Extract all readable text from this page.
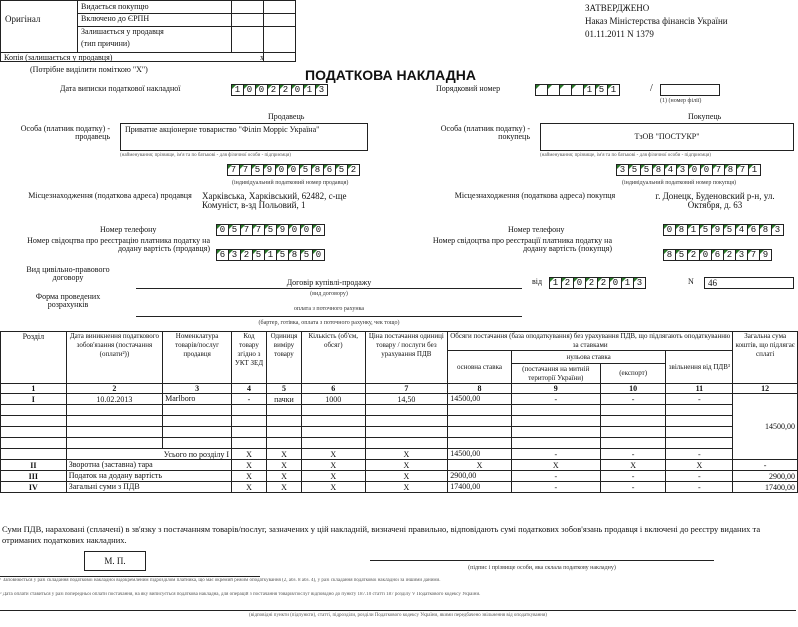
Оригінал
Видається покупцю
Включено до ЄРПН
Залишається у продавця
(тип причини)
Копія (залишається у продавця)	x
(Потрібне виділити поміткою "Х")
ЗАТВЕРДЖЕНО
Наказ Міністерства фінансів України
01.11.2011 N 1379
ПОДАТКОВА НАКЛАДНА
Дата виписки податкової накладної	1 0 0 2 2 0 1 3	Порядковий номер	1 5 1	/
(1) (номер філії)
Продавець
Особа (платник податку) - продавець
Приватне акціонерне товариство "Філіп Морріс Україна"
(найменування; прізвище, ім'я та по батькові - для фізичної особи - підприємця)
7 7 5 9 0 0 5 8 6 5 2
(індивідуальний податковий номер продавця)
Місцезнаходження (податкова адреса) продавця	Харківська, Харківський, 62482, с-ще Комуніст, в-зд Польовий, 1
Номер телефону	0 5 7 7 5 9 0 0 0
Номер свідоцтва про реєстрацію платника податку на додану вартість (продавця)
6 3 2 5 1 5 8 5 0
Покупець
Особа (платник податку) - покупець	ТзОВ "ПОСТУКР"
(найменування; прізвище, ім'я та по батькові - для фізичної особи - підприємця)
3 5 5 8 4 3 0 0 7 8 7 1
(індивідуальний податковий номер покупця)
Місцезнаходження (податкова адреса) покупця	г. Донецк, Буденовский р-н, ул. Октября, д. 63
Номер телефону	0 8 1 5 9 5 4 6 8 3
Номер свідоцтва про реєстрації платника податку на додану вартість (покупця)
8 5 2 0 6 2 3 7 9
Вид цивільно-правового договору
Договір купівлі-продажу
(вид договору)
від	1 2 0 2 2 0 1 3	N 46
Форма проведених розрахунків	оплата з поточного рахунка
(бартер, готівка, оплата з поточного рахунку, чек тощо)
Розділ	Дата виникнення податкового зобов'язання (постачання (оплати²))	Номенклатура товарів/послуг продавця	Код товару згідно з УКТ ЗЕД	Одиниця виміру товару	Кількість (об'єм, обсяг)	Ціна постачання одиниці товару / послуги без урахування ПДВ	Обсяги постачання (база оподаткування) без урахування ПДВ, що підлягають оподаткуванню за ставками				Загальна сума коштів, що підлягає сплаті
							основна ставка	нульова ставка		звільнення від ПДВ³	
								(постачання на митній території України)	(експорт)		
1	2	3	4	5	6	7	8	9	10	11	12
I	10.02.2013	Marlboro	-	пачки	1000	14,50	14500,00	-	-	-	14500,00

	Усього по розділу I		X	X	X	X	14500,00	-	-	-	
II	Зворотна (заставна) тара		X	X	X	X	X	X	X	X	-
III	Податок на додану вартість		X	X	X	X	2900,00	-	-	-	2900,00
IV	Загальні суми з ПДВ		X	X	X	X	17400,00	-	-	-	17400,00
Суми ПДВ, нараховані (сплачені) в зв'язку з постачанням товарів/послуг, зазначених у цій накладній, визначені правильно, відповідають сумі податкових зобов'язань продавця і включені до реєстру виданих та отриманих податкових накладних.
М. П.
(підпис і прізвище особи, яка склала податкову накладну)
¹ Заповнюється у разі складання податкової накладної відокремленим підрозділом платника, що має окремий режим оподаткування (2, абз. 8 абз. 4), у разі складання податкової накладної за іншими даними.
² Дата оплати ставиться у разі попередньої оплати постачання, на яку виписується податкова накладна, для операцій з постачання товарів/послуг відповідно до пункту 187.10 статті 187 розділу V Податкового кодексу України.
(відповідні пункти (підпункти), статті, підрозділи, розділи Податкового кодексу України, якими передбачено звільнення від оподаткування)
